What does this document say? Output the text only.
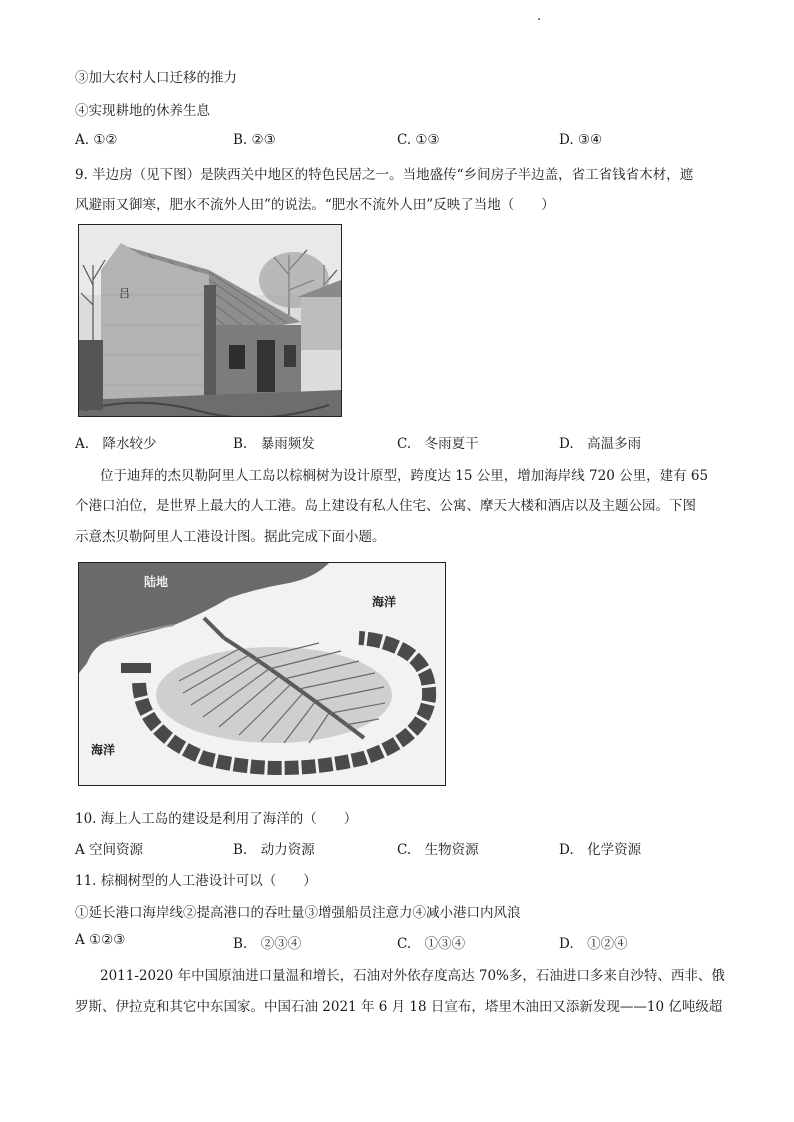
③加大农村人口迁移的推力
④实现耕地的休养生息
A. ①②	B. ②③	C. ①③	D. ③④
9. 半边房（见下图）是陕西关中地区的特色民居之一。当地盛传“乡间房子半边盖，省工省钱省木材，遮
风避雨又御寒，肥水不流外人田”的说法。“肥水不流外人田”反映了当地（　　）
吕
A.　降水较少	B.　暴雨频发	C.　冬雨夏干	D.　高温多雨
位于迪拜的杰贝勒阿里人工岛以棕榈树为设计原型，跨度达 15 公里，增加海岸线 720 公里，建有 65
个港口泊位，是世界上最大的人工港。岛上建设有私人住宅、公寓、摩天大楼和酒店以及主题公园。下图
示意杰贝勒阿里人工港设计图。据此完成下面小题。
陆地
海洋
海洋
10. 海上人工岛的建设是利用了海洋的（　　）
A 空间资源	B.　动力资源	C.　生物资源	D.　化学资源
11. 棕榈树型的人工港设计可以（　　）
①延长港口海岸线②提高港口的吞吐量③增强船员注意力④减小港口内风浪
A ①②③	B.　②③④	C.　①③④	D.　①②④
2011-2020 年中国原油进口量温和增长，石油对外依存度高达 70%多，石油进口多来自沙特、西非、俄
罗斯、伊拉克和其它中东国家。中国石油 2021 年 6 月 18 日宣布，塔里木油田又添新发现——10 亿吨级超
